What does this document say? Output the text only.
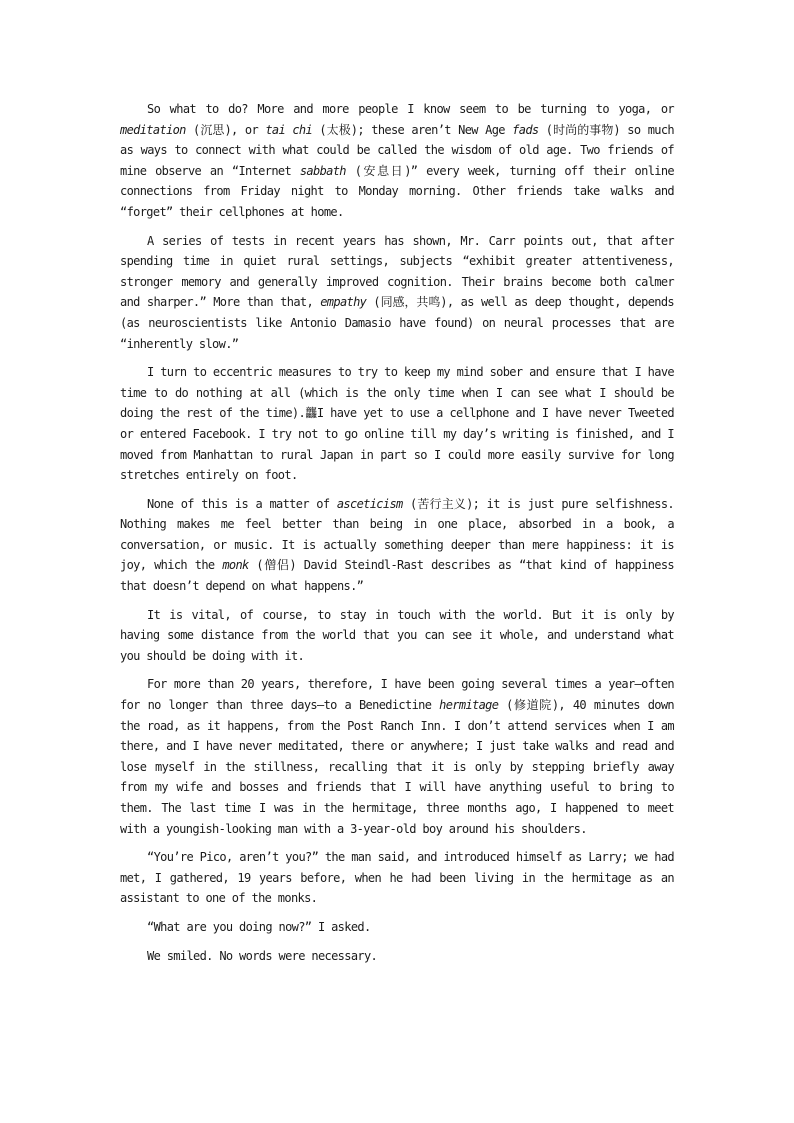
So what to do? More and more people I know seem to be turning to yoga, or meditation (沉思), or tai chi (太极); these aren’t New Age fads (时尚的事物) so much as ways to connect with what could be called the wisdom of old age. Two friends of mine observe an “Internet sabbath (安息日)” every week, turning off their online connections from Friday night to Monday morning. Other friends take walks and “forget” their cellphones at home.

A series of tests in recent years has shown, Mr. Carr points out, that after spending time in quiet rural settings, subjects “exhibit greater attentiveness, stronger memory and generally improved cognition. Their brains become both calmer and sharper.” More than that, empathy (同感，共鸣), as well as deep thought, depends (as neuroscientists like Antonio Damasio have found) on neural processes that are “inherently slow.”

I turn to eccentric measures to try to keep my mind sober and ensure that I have time to do nothing at all (which is the only time when I can see what I should be doing the rest of the time).龘I have yet to use a cellphone and I have never Tweeted or entered Facebook. I try not to go online till my day’s writing is finished, and I moved from Manhattan to rural Japan in part so I could more easily survive for long stretches entirely on foot.

None of this is a matter of asceticism (苦行主义); it is just pure selfishness. Nothing makes me feel better than being in one place, absorbed in a book, a conversation, or music. It is actually something deeper than mere happiness: it is joy, which the monk (僧侣) David Steindl-Rast describes as “that kind of happiness that doesn’t depend on what happens.”

It is vital, of course, to stay in touch with the world. But it is only by having some distance from the world that you can see it whole, and understand what you should be doing with it.

For more than 20 years, therefore, I have been going several times a year—often for no longer than three days—to a Benedictine hermitage (修道院), 40 minutes down the road, as it happens, from the Post Ranch Inn. I don’t attend services when I am there, and I have never meditated, there or anywhere; I just take walks and read and lose myself in the stillness, recalling that it is only by stepping briefly away from my wife and bosses and friends that I will have anything useful to bring to them. The last time I was in the hermitage, three months ago, I happened to meet with a youngish-looking man with a 3-year-old boy around his shoulders.

“You’re Pico, aren’t you?” the man said, and introduced himself as Larry; we had met, I gathered, 19 years before, when he had been living in the hermitage as an assistant to one of the monks.

“What are you doing now?” I asked.

We smiled. No words were necessary.
